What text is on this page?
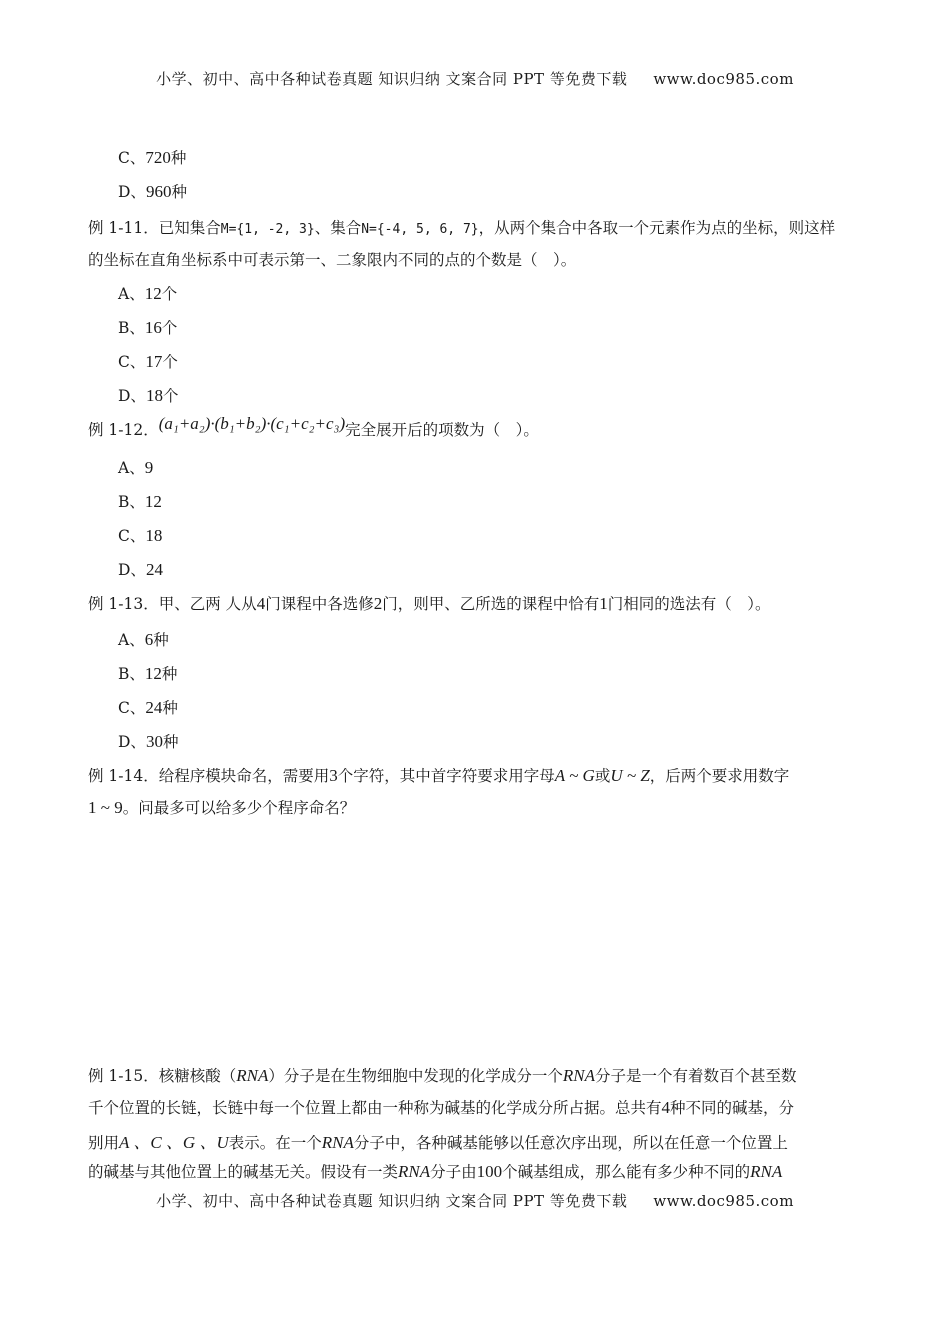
小学、初中、高中各种试卷真题 知识归纳 文案合同 PPT 等免费下载 www.doc985.com
C、720种
D、960种
例 1-11．已知集合M={1, -2, 3}、集合N={-4, 5, 6, 7}，从两个集合中各取一个元素作为点的坐标，则这样
的坐标在直角坐标系中可表示第一、二象限内不同的点的个数是（　）。
A、12个
B、16个
C、17个
D、18个
例 1-12．(a₁+a₂)·(b₁+b₂)·(c₁+c₂+c₃)完全展开后的项数为（　）。
A、9
B、12
C、18
D、24
例 1-13．甲、乙两 人从4门课程中各选修2门，则甲、乙所选的课程中恰有1门相同的选法有（　）。
A、6种
B、12种
C、24种
D、30种
例 1-14．给程序模块命名，需要用3个字符，其中首字符要求用字母A ~ G或U ~ Z，后两个要求用数字
1 ~ 9。问最多可以给多少个程序命名？
例 1-15．核糖核酸（RNA）分子是在生物细胞中发现的化学成分一个RNA分子是一个有着数百个甚至数
千个位置的长链，长链中每一个位置上都由一种称为碱基的化学成分所占据。总共有4种不同的碱基，分
别用A 、C 、G 、U表示。在一个RNA分子中，各种碱基能够以任意次序出现，所以在任意一个位置上
的碱基与其他位置上的碱基无关。假设有一类RNA分子由100个碱基组成，那么能有多少种不同的RNA
小学、初中、高中各种试卷真题 知识归纳 文案合同 PPT 等免费下载 www.doc985.com
